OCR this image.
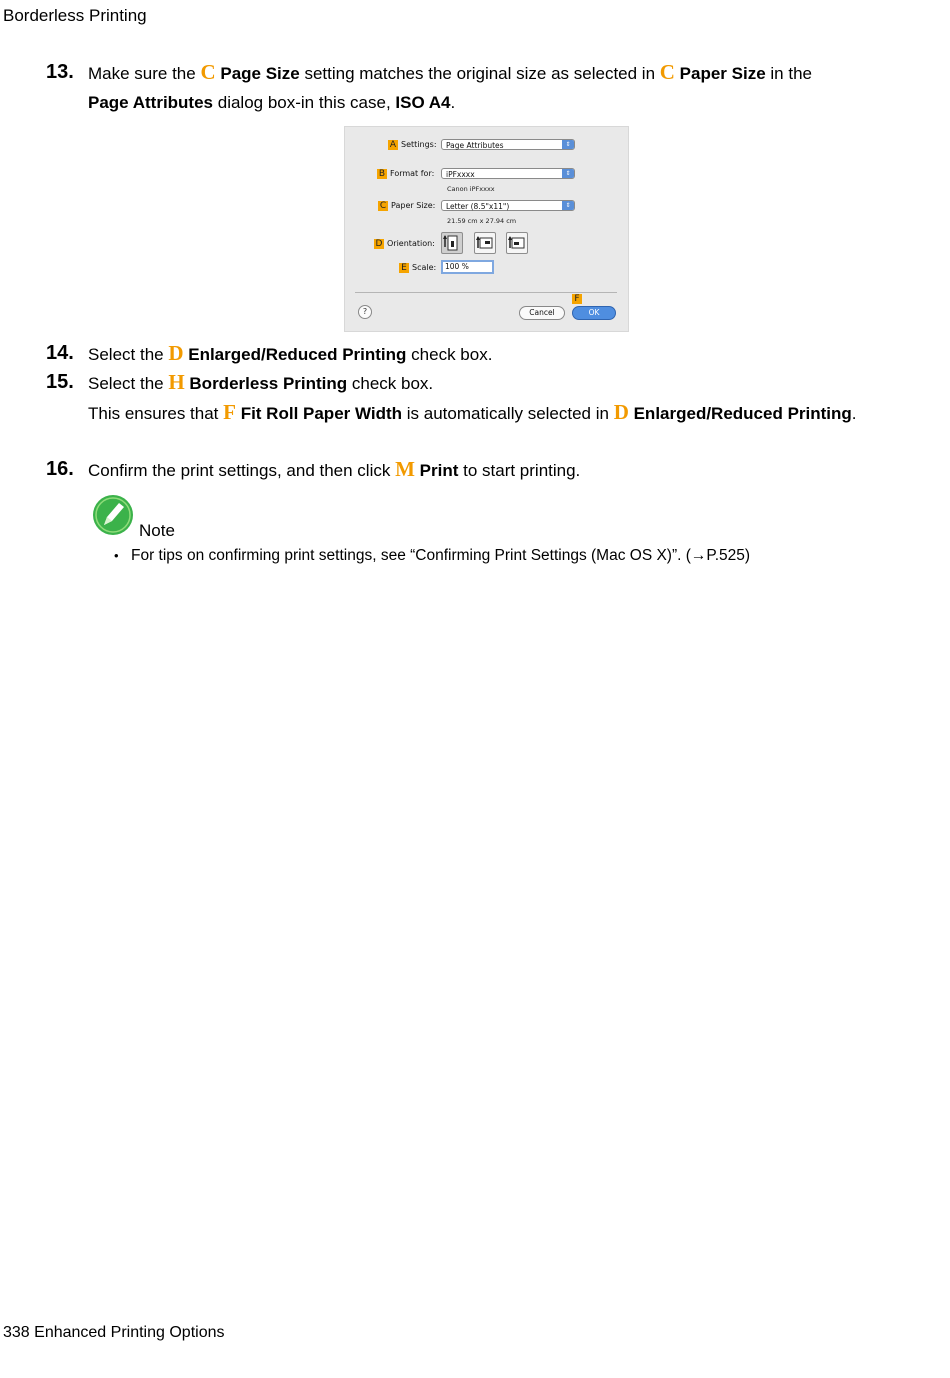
Borderless Printing
13. Make sure the C Page Size setting matches the original size as selected in C Paper Size in the
Page Attributes dialog box-in this case, ISO A4.
A Settings:	Page Attributes	⇕
B Format for:	iPFxxxx	⇕
Canon iPFxxxx
C Paper Size:	Letter (8.5"x11")	⇕
21.59 cm x 27.94 cm
D Orientation:
E Scale:	100 %
F
?	Cancel	OK
14. Select the D Enlarged/Reduced Printing check box.
15. Select the H Borderless Printing check box.
This ensures that F Fit Roll Paper Width is automatically selected in D Enlarged/Reduced Printing.
16. Confirm the print settings, and then click M Print to start printing.
Note
• For tips on confirming print settings, see “Confirming Print Settings (Mac OS X)”. (→P.525)
338 Enhanced Printing Options
